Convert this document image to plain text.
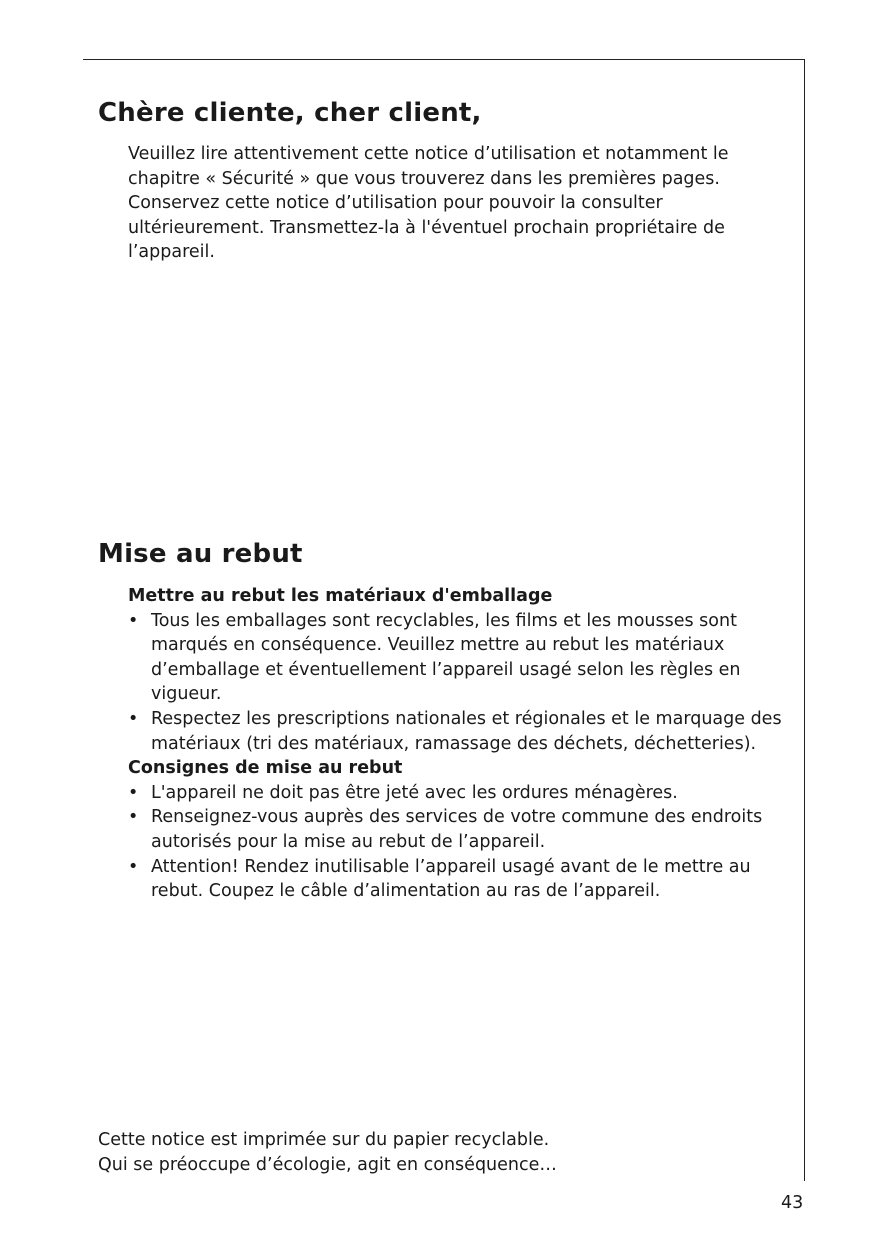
Chère cliente, cher client,

Veuillez lire attentivement cette notice d’utilisation et notamment le chapitre « Sécurité » que vous trouverez dans les premières pages. Conservez cette notice d’utilisation pour pouvoir la consulter ultérieurement. Transmettez-la à l'éventuel prochain propriétaire de l’appareil.

Mise au rebut

Mettre au rebut les matériaux d'emballage

• Tous les emballages sont recyclables, les films et les mousses sont marqués en conséquence. Veuillez mettre au rebut les matériaux d’emballage et éventuellement l’appareil usagé selon les règles en vigueur.
• Respectez les prescriptions nationales et régionales et le marquage des matériaux (tri des matériaux, ramassage des déchets, déchetteries).

Consignes de mise au rebut

• L'appareil ne doit pas être jeté avec les ordures ménagères.
• Renseignez-vous auprès des services de votre commune des endroits autorisés pour la mise au rebut de l’appareil.
• Attention! Rendez inutilisable l’appareil usagé avant de le mettre au rebut. Coupez le câble d’alimentation au ras de l’appareil.
Cette notice est imprimée sur du papier recyclable.
Qui se préoccupe d’écologie, agit en conséquence…
43
